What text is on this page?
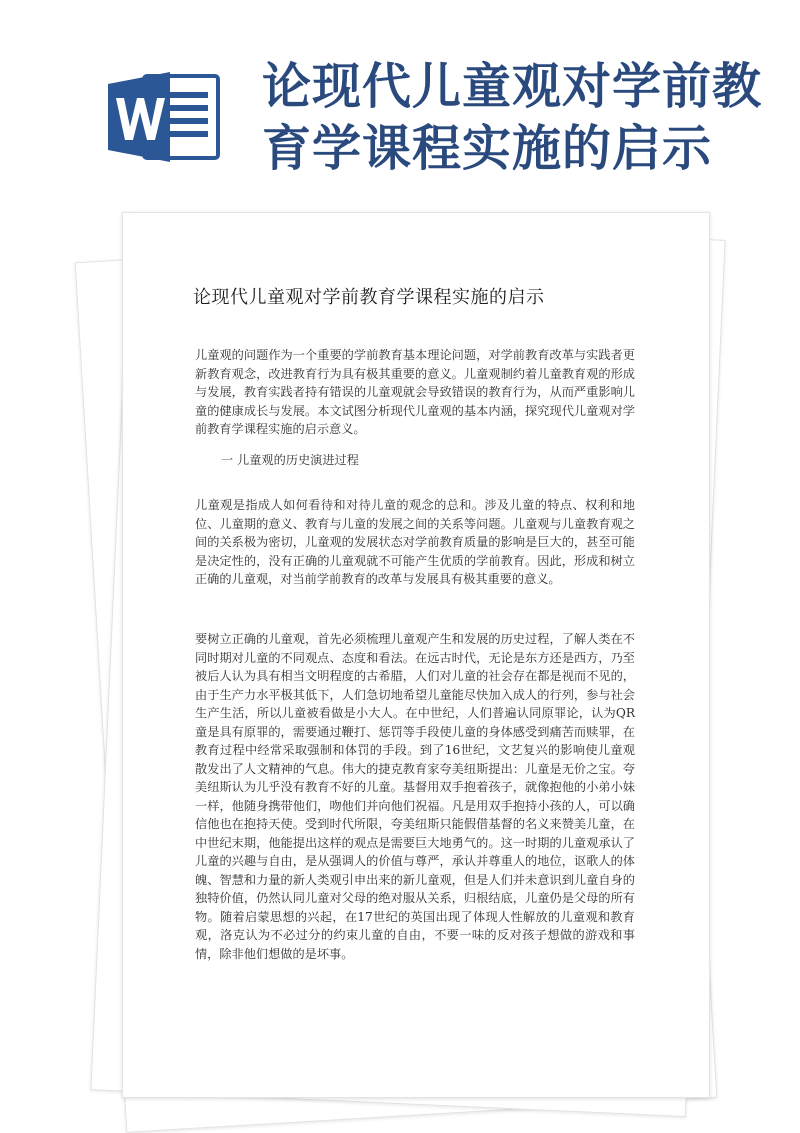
论现代儿童观对学前教育学课程实施的启示
论现代儿童观对学前教育学课程实施的启示

儿童观的问题作为一个重要的学前教育基本理论问题，对学前教育改革与实践者更新教育观念，改进教育行为具有极其重要的意义。儿童观制约着儿童教育观的形成与发展，教育实践者持有错误的儿童观就会导致错误的教育行为，从而严重影响儿童的健康成长与发展。本文试图分析现代儿童观的基本内涵，探究现代儿童观对学前教育学课程实施的启示意义。

一 儿童观的历史演进过程

儿童观是指成人如何看待和对待儿童的观念的总和。涉及儿童的特点、权利和地位、儿童期的意义、教育与儿童的发展之间的关系等问题。儿童观与儿童教育观之间的关系极为密切，儿童观的发展状态对学前教育质量的影响是巨大的，甚至可能是决定性的，没有正确的儿童观就不可能产生优质的学前教育。因此，形成和树立正确的儿童观，对当前学前教育的改革与发展具有极其重要的意义。

要树立正确的儿童观，首先必须梳理儿童观产生和发展的历史过程，了解人类在不同时期对儿童的不同观点、态度和看法。在远古时代，无论是东方还是西方，乃至被后人认为具有相当文明程度的古希腊，人们对儿童的社会存在都是视而不见的，由于生产力水平极其低下，人们急切地希望儿童能尽快加入成人的行列，参与社会生产生活，所以儿童被看做是小大人。在中世纪，人们普遍认同原罪论，认为QR童是具有原罪的，需要通过鞭打、惩罚等手段使儿童的身体感受到痛苦而赎罪，在教育过程中经常采取强制和体罚的手段。到了16世纪，文艺复兴的影响使儿童观散发出了人文精神的气息。伟大的捷克教育家夸美纽斯提出：儿童是无价之宝。夸美纽斯认为儿乎没有教育不好的儿童。基督用双手抱着孩子，就像抱他的小弟小妹一样，他随身携带他们，吻他们并向他们祝福。凡是用双手抱持小孩的人，可以确信他也在抱持天使。受到时代所限，夸美纽斯只能假借基督的名义来赞美儿童，在中世纪末期，他能提出这样的观点是需要巨大地勇气的。这一时期的儿童观承认了儿童的兴趣与自由，是从强调人的价值与尊严，承认并尊重人的地位，讴歌人的体魄、智慧和力量的新人类观引申出来的新儿童观，但是人们并未意识到儿童自身的独特价值，仍然认同儿童对父母的绝对服从关系，归根结底，儿童仍是父母的所有物。随着启蒙思想的兴起，在17世纪的英国出现了体现人性解放的儿童观和教育观，洛克认为不必过分的约束儿童的自由，不要一味的反对孩子想做的游戏和事情，除非他们想做的是坏事。
